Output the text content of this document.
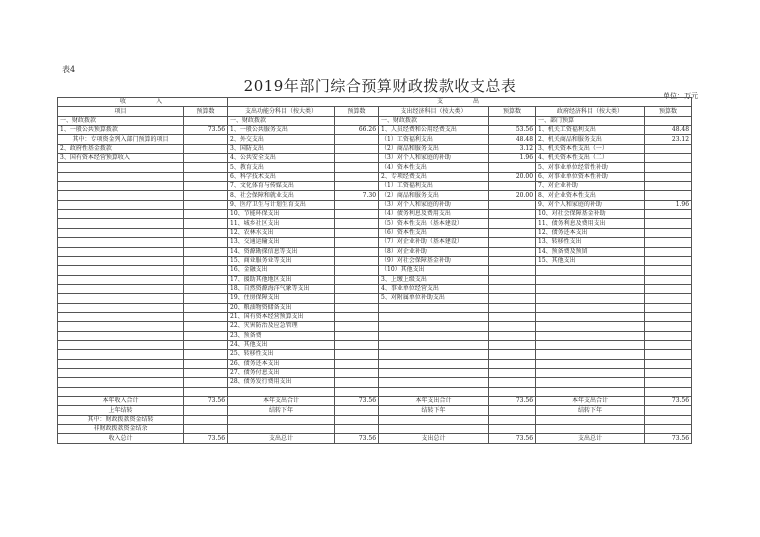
表4
2019年部门综合预算财政拨款收支总表
单位：万元
收　　　入		支　　　出					
项目	预算数	支出功能分科目（按大类）	预算数	支出经济科目（按大类）	预算数	政府经济科目（按大类）	预算数
一、财政拨款		一、财政拨款		一、财政拨款		一、部门预算	
1、一般公共预算拨款	73.56	1、一般公共服务支出	66.26	1、人员经费和公用经费支出	53.56	1、机关工资福利支出	48.48
其中：专项资金列入部门预算的项目		2、外交支出		（1）工资福利支出	48.48	2、机关商品和服务支出	23.12
2、政府性基金拨款		3、国防支出		（2）商品和服务支出	3.12	3、机关资本性支出（一）	
3、国有资本经营预算收入		4、公共安全支出		（3）对个人和家庭的补助	1.96	4、机关资本性支出（二）	
		5、教育支出		（4）资本性支出		5、对事业单位经常性补助	
		6、科学技术支出		2、专项经费支出	20.00	6、对事业单位资本性补助	
		7、文化体育与传媒支出		（1）工资福利支出		7、对企业补助	
		8、社会保障和就业支出	7.30	（2）商品和服务支出	20.00	8、对企业资本性支出	
		9、医疗卫生与计划生育支出		（3）对个人和家庭的补助		9、对个人和家庭的补助	1.96
		10、节能环保支出		（4）债务利息及费用支出		10、对社会保障基金补助	
		11、城乡社区支出		（5）资本性支出（基本建设）		11、债务利息及费用支出	
		12、农林水支出		（6）资本性支出		12、债务还本支出	
		13、交通运输支出		（7）对企业补助（基本建设）		13、转移性支出	
		14、资源勘探信息等支出		（8）对企业补助		14、预备费及预留	
		15、商业服务业等支出		（9）对社会保障基金补助		15、其他支出	
		16、金融支出		（10）其他支出			
		17、援助其他地区支出		3、上缴上级支出			
		18、自然资源海洋气象等支出		4、事业单位经营支出			
		19、住房保障支出		5、对附属单位补助支出			
		20、粮油物资储备支出					
		21、国有资本经营预算支出					
		22、灾害防治及应急管理					
		23、预备费					
		24、其他支出					
		25、转移性支出					
		26、债务还本支出					
		27、债务付息支出					
		28、债务发行费用支出					

本年收入合计	73.56	本年支出合计	73.56	本年支出合计	73.56	本年支出合计	73.56
上年结转		结转下年		结转下年		结转下年	
其中：财政拨款资金结转							
非财政拨款资金结余							
收入总计	73.56	支出总计	73.56	支出总计	73.56	支出总计	73.56
